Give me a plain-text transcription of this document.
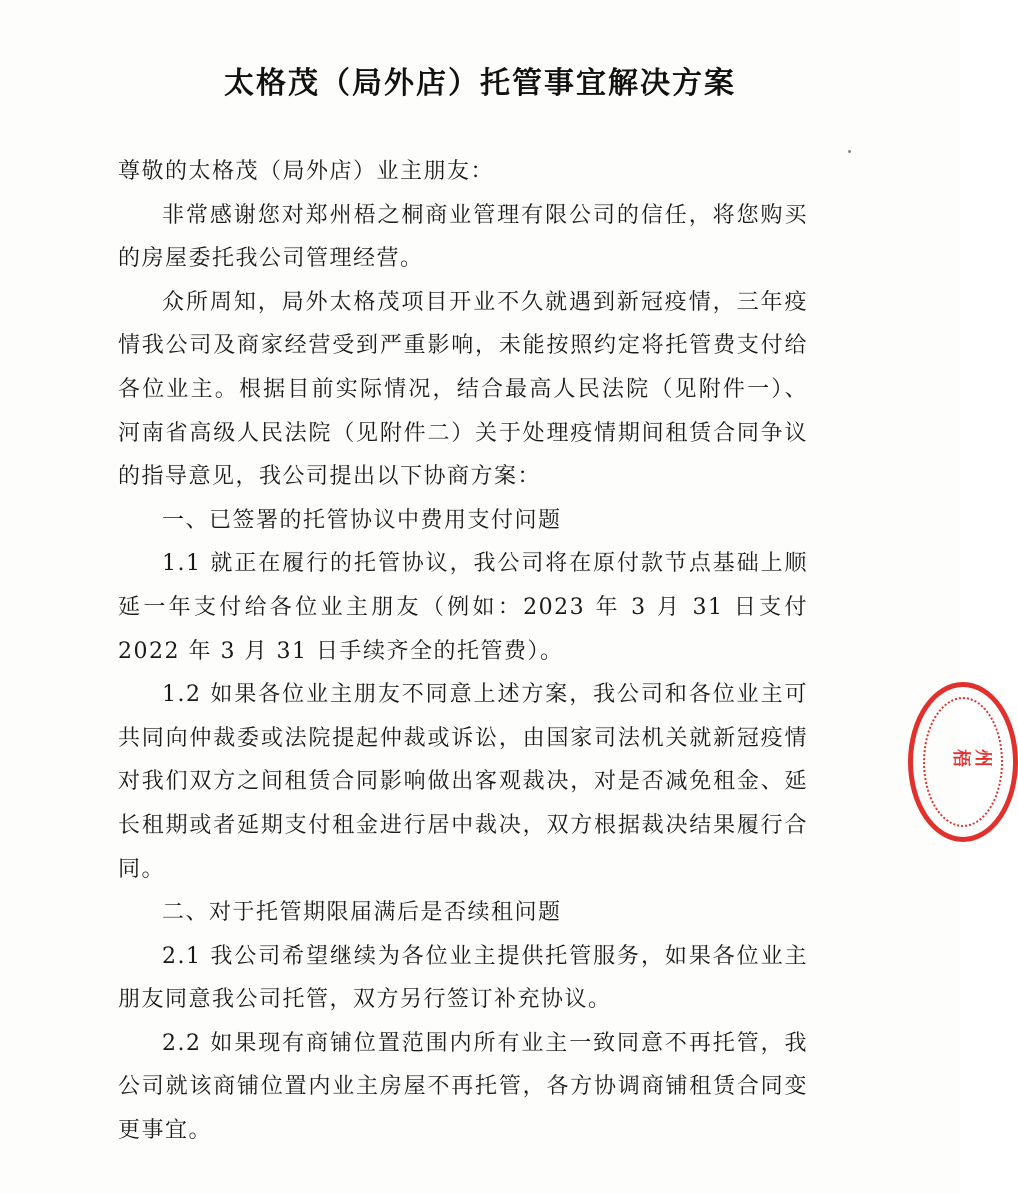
太格茂（局外店）托管事宜解决方案

尊敬的太格茂（局外店）业主朋友：

非常感谢您对郑州梧之桐商业管理有限公司的信任，将您购买的房屋委托我公司管理经营。

众所周知，局外太格茂项目开业不久就遇到新冠疫情，三年疫情我公司及商家经营受到严重影响，未能按照约定将托管费支付给各位业主。根据目前实际情况，结合最高人民法院（见附件一）、河南省高级人民法院（见附件二）关于处理疫情期间租赁合同争议的指导意见，我公司提出以下协商方案：

一、已签署的托管协议中费用支付问题

1.1 就正在履行的托管协议，我公司将在原付款节点基础上顺延一年支付给各位业主朋友（例如：2023 年 3 月 31 日支付 2022 年 3 月 31 日手续齐全的托管费）。

1.2 如果各位业主朋友不同意上述方案，我公司和各位业主可共同向仲裁委或法院提起仲裁或诉讼，由国家司法机关就新冠疫情对我们双方之间租赁合同影响做出客观裁决，对是否减免租金、延长租期或者延期支付租金进行居中裁决，双方根据裁决结果履行合同。

二、对于托管期限届满后是否续租问题

2.1 我公司希望继续为各位业主提供托管服务，如果各位业主朋友同意我公司托管，双方另行签订补充协议。

2.2 如果现有商铺位置范围内所有业主一致同意不再托管，我公司就该商铺位置内业主房屋不再托管，各方协调商铺租赁合同变更事宜。

州梧
